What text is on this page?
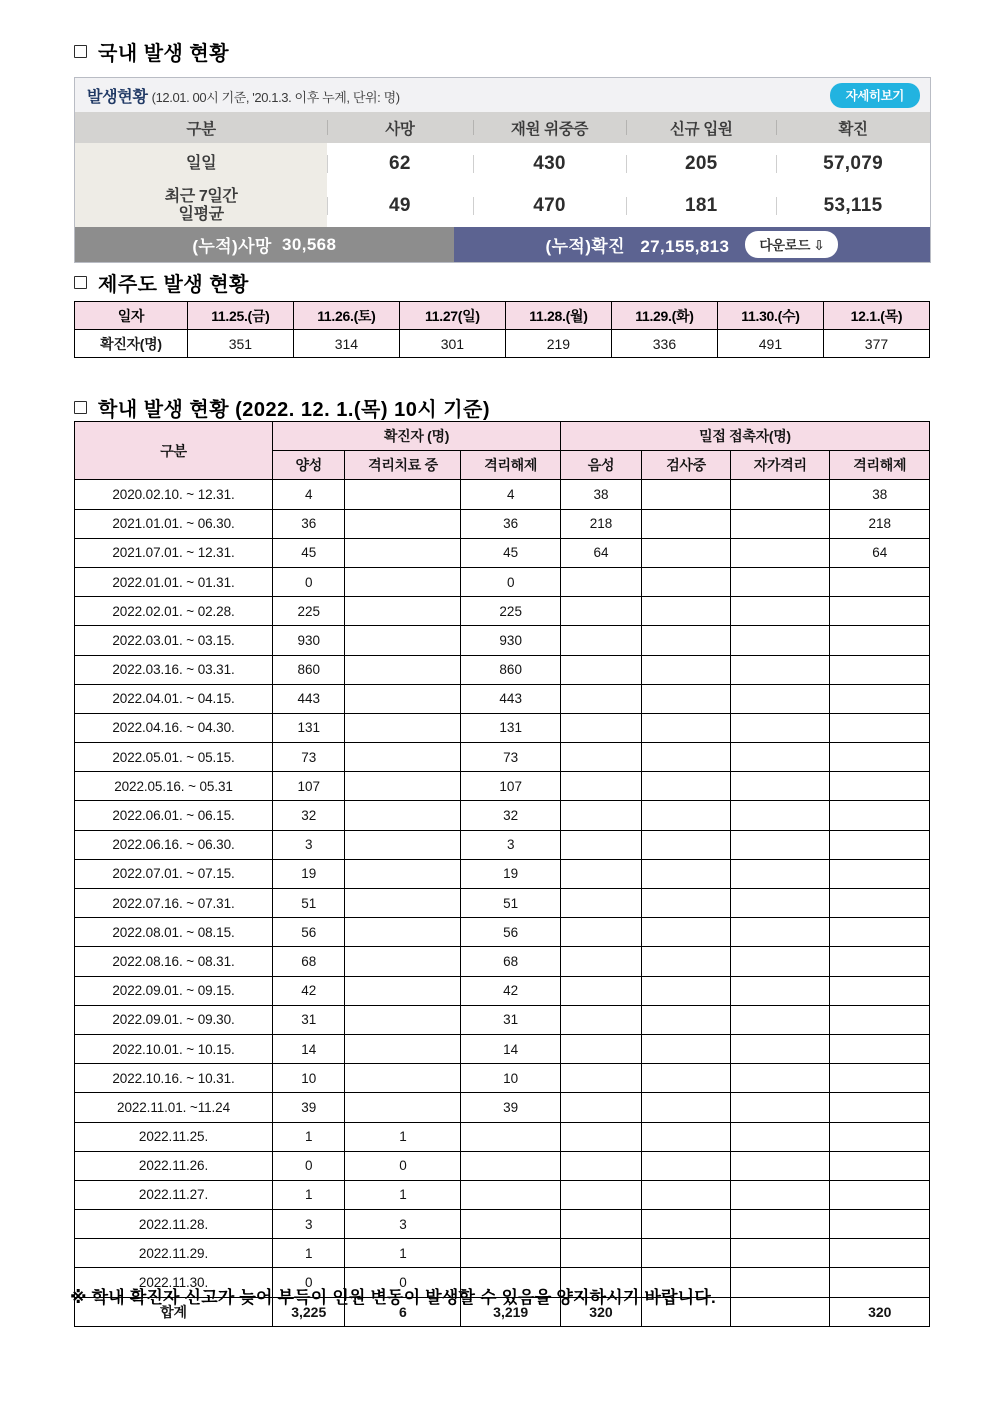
국내 발생 현황
발생현황 (12.01. 00시 기준, '20.1.3. 이후 누계, 단위: 명)	자세히보기
구분	사망	재원 위중증	신규 입원	확진
일일	62	430	205	57,079
최근 7일간
일평균	49	470	181	53,115
(누적)사망
30,568	(누적)확진 27,155,813	다운로드 ⇩
제주도 발생 현황
일자	11.25.(금)	11.26.(토)	11.27(일)	11.28.(월)	11.29.(화)	11.30.(수)	12.1.(목)
확진자(명)	351	314	301	219	336	491	377
학내 발생 현황 (2022. 12. 1.(목) 10시 기준)
구분	확진자 (명)			밀접 접촉자(명)			
	양성	격리치료 중	격리해제	음성	검사중	자가격리	격리해제
2020.02.10. ~ 12.31.	4		4	38			38
2021.01.01. ~ 06.30.	36		36	218			218
2021.07.01. ~ 12.31.	45		45	64			64
2022.01.01. ~ 01.31.	0		0				
2022.02.01. ~ 02.28.	225		225				
2022.03.01. ~ 03.15.	930		930				
2022.03.16. ~ 03.31.	860		860				
2022.04.01. ~ 04.15.	443		443				
2022.04.16. ~ 04.30.	131		131				
2022.05.01. ~ 05.15.	73		73				
2022.05.16. ~ 05.31	107		107				
2022.06.01. ~ 06.15.	32		32				
2022.06.16. ~ 06.30.	3		3				
2022.07.01. ~ 07.15.	19		19				
2022.07.16. ~ 07.31.	51		51				
2022.08.01. ~ 08.15.	56		56				
2022.08.16. ~ 08.31.	68		68				
2022.09.01. ~ 09.15.	42		42				
2022.09.01. ~ 09.30.	31		31				
2022.10.01. ~ 10.15.	14		14				
2022.10.16. ~ 10.31.	10		10				
2022.11.01. ~11.24	39		39				
2022.11.25.	1	1					
2022.11.26.	0	0					
2022.11.27.	1	1					
2022.11.28.	3	3					
2022.11.29.	1	1					
2022.11.30.	0	0					
합계	3,225	6	3,219	320			320
※ 학내 확진자 신고가 늦어 부득이 인원 변동이 발생할 수 있음을 양지하시기 바랍니다.
